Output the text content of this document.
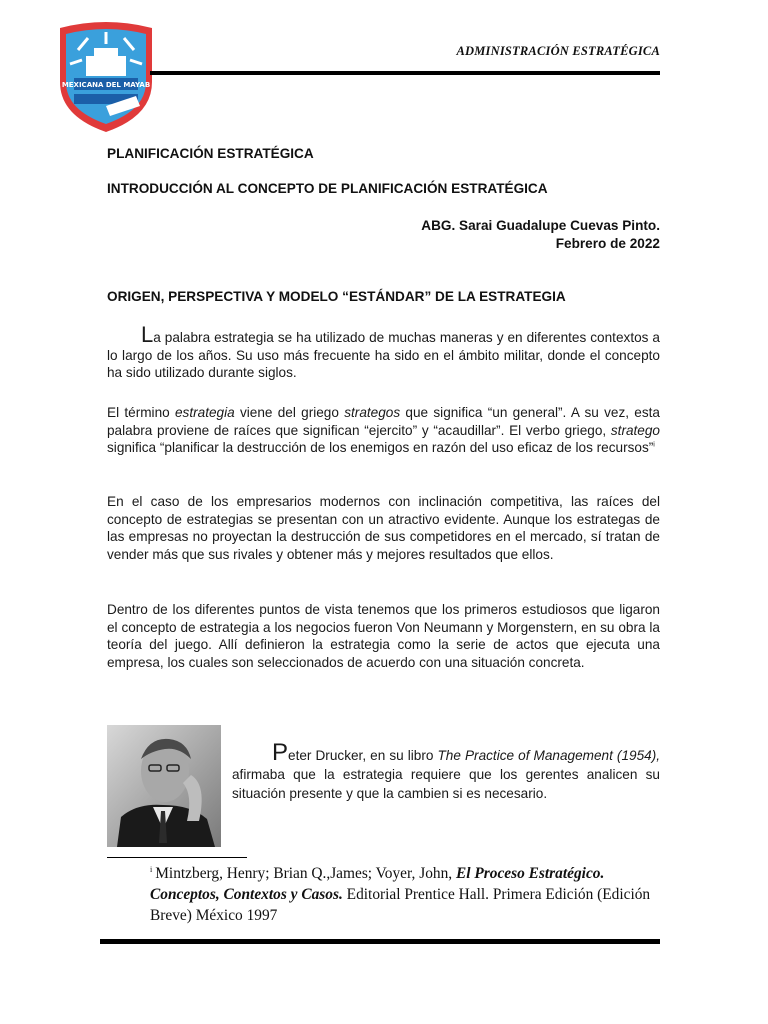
MEXICANA DEL MAYAB
ADMINISTRACIÓN ESTRATÉGICA
PLANIFICACIÓN ESTRATÉGICA
INTRODUCCIÓN AL CONCEPTO DE PLANIFICACIÓN ESTRATÉGICA
ABG. Sarai Guadalupe Cuevas Pinto.
Febrero de 2022
ORIGEN, PERSPECTIVA Y MODELO “ESTÁNDAR” DE LA ESTRATEGIA
La palabra estrategia se ha utilizado de muchas maneras y en diferentes contextos a lo largo de los años. Su uso más frecuente ha sido en el ámbito militar, donde el concepto ha sido utilizado durante siglos.
El término estrategia viene del griego strategos que significa “un general”. A su vez, esta palabra proviene de raíces que significan “ejercito” y “acaudillar”. El verbo griego, stratego significa “planificar la destrucción de los enemigos en razón del uso eficaz de los recursos”$^i$
En el caso de los empresarios modernos con inclinación competitiva, las raíces del concepto de estrategias se presentan con un atractivo evidente. Aunque los estrategas de las empresas no proyectan la destrucción de sus competidores en el mercado, sí tratan de vender más que sus rivales y obtener más y mejores resultados que ellos.
Dentro de los diferentes puntos de vista tenemos que los primeros estudiosos que ligaron el concepto de estrategia a los negocios fueron Von Neumann y Morgenstern, en su obra la teoría del juego. Allí definieron la estrategia como la serie de actos que ejecuta una empresa, los cuales son seleccionados de acuerdo con una situación concreta.
Peter Drucker, en su libro The Practice of Management (1954), afirmaba que la estrategia requiere que los gerentes analicen su situación presente y que la cambien si es necesario.
$^i$ Mintzberg, Henry; Brian Q.,James; Voyer, John, El Proceso Estratégico. Conceptos, Contextos y Casos. Editorial Prentice Hall. Primera Edición (Edición Breve) México 1997
